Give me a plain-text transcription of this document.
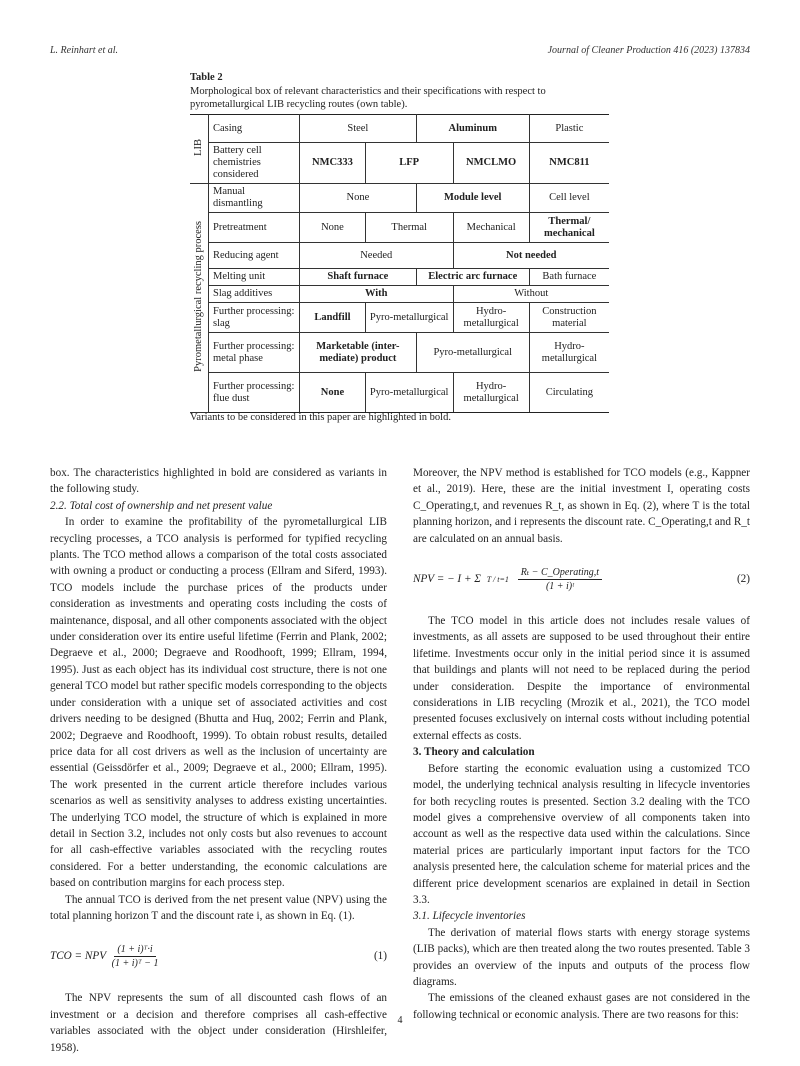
L. Reinhart et al.	Journal of Cleaner Production 416 (2023) 137834
Table 2
Morphological box of relevant characteristics and their specifications with respect to pyrometallurgical LIB recycling routes (own table).
LIB	Casing	Steel		Aluminum		Plastic
	Battery cell chemistries considered	NMC333	LFP		NMCLMO	NMC811
Pyrometallurgical recycling process	Manual dismantling	None		Module level		Cell level
	Pretreatment	None	Thermal		Mechanical	Thermal/ mechanical
	Reducing agent	Needed			Not needed	
	Melting unit	Shaft furnace		Electric arc furnace		Bath furnace
	Slag additives	With			Without	
	Further processing: slag	Landfill	Pyro-metallurgical		Hydro-metallurgical	Construction material
	Further processing: metal phase	Marketable (inter-mediate) product		Pyro-metallurgical		Hydro-metallurgical
	Further processing: flue dust	None	Pyro-metallurgical		Hydro-metallurgical	Circulating
Variants to be considered in this paper are highlighted in bold.

box. The characteristics highlighted in bold are considered as variants in the following study.

2.2. Total cost of ownership and net present value

In order to examine the profitability of the pyrometallurgical LIB recycling processes, a TCO analysis is performed for typified recycling plants. The TCO method allows a comparison of the total costs associated with owning a product or conducting a process (Ellram and Siferd, 1993). TCO models include the purchase prices of the products under consideration as investments and operating costs including the costs of maintenance, disposal, and all other components associated with the object under consideration over its entire useful lifetime (Ferrin and Plank, 2002; Degraeve et al., 2000; Degraeve and Roodhooft, 1999; Ellram, 1994, 1995). Just as each object has its individual cost structure, there is not one general TCO model but rather specific models corresponding to the objects under consideration with a unique set of associated activities and cost drivers needing to be designed (Bhutta and Huq, 2002; Ferrin and Plank, 2002; Degraeve and Roodhooft, 1999). To obtain robust results, detailed price data for all cost drivers as well as the inclusion of uncertainty are essential (Geissdörfer et al., 2009; Degraeve et al., 2000; Ellram, 1995). The work presented in the current article therefore includes various scenarios as well as sensitivity analyses to address existing uncertainties. The underlying TCO model, the structure of which is explained in more detail in Section 3.2, includes not only costs but also revenues to account for all cash-effective variables associated with the recycling routes considered. For a better understanding, the economic calculations are based on contribution margins for each process step.

The annual TCO is derived from the net present value (NPV) using the total planning horizon T and the discount rate i, as shown in Eq. (1).

TCO = NPV $\frac{\text{(1 + i)ᵀ·i}}{\text{(1 + i)ᵀ − 1}}$	(1)

The NPV represents the sum of all discounted cash flows of an investment or a decision and therefore comprises all cash-effective variables associated with the object under consideration (Hirshleifer, 1958).

Moreover, the NPV method is established for TCO models (e.g., Kappner et al., 2019). Here, these are the initial investment I, operating costs C_Operating,t, and revenues R_t, as shown in Eq. (2), where T is the total planning horizon, and i represents the discount rate. C_Operating,t and R_t are calculated on an annual basis.

NPV = − I + Σ T / t=1
$\frac{\text{Rₜ − C\_Operating,t}}{\text{(1 + i)ᵗ}}$	(2)

The TCO model in this article does not includes resale values of investments, as all assets are supposed to be used throughout their entire lifetime. Investments occur only in the initial period since it is assumed that buildings and plants will not need to be replaced during the period under consideration. Despite the importance of environmental considerations in LIB recycling (Mrozik et al., 2021), the TCO model presented focuses exclusively on internal costs without including potential external effects as costs.

3. Theory and calculation

Before starting the economic evaluation using a customized TCO model, the underlying technical analysis resulting in lifecycle inventories for both recycling routes is presented. Section 3.2 dealing with the TCO model gives a comprehensive overview of all components taken into account as well as the respective data used within the calculations. Since material prices are particularly important input factors for the TCO analysis presented here, the calculation scheme for material prices and the different price development scenarios are explained in detail in Section 3.3.

3.1. Lifecycle inventories

The derivation of material flows starts with energy storage systems (LIB packs), which are then treated along the two routes presented. Table 3 provides an overview of the inputs and outputs of the process flow diagrams.

The emissions of the cleaned exhaust gases are not considered in the following technical or economic analysis. There are two reasons for this:

4
